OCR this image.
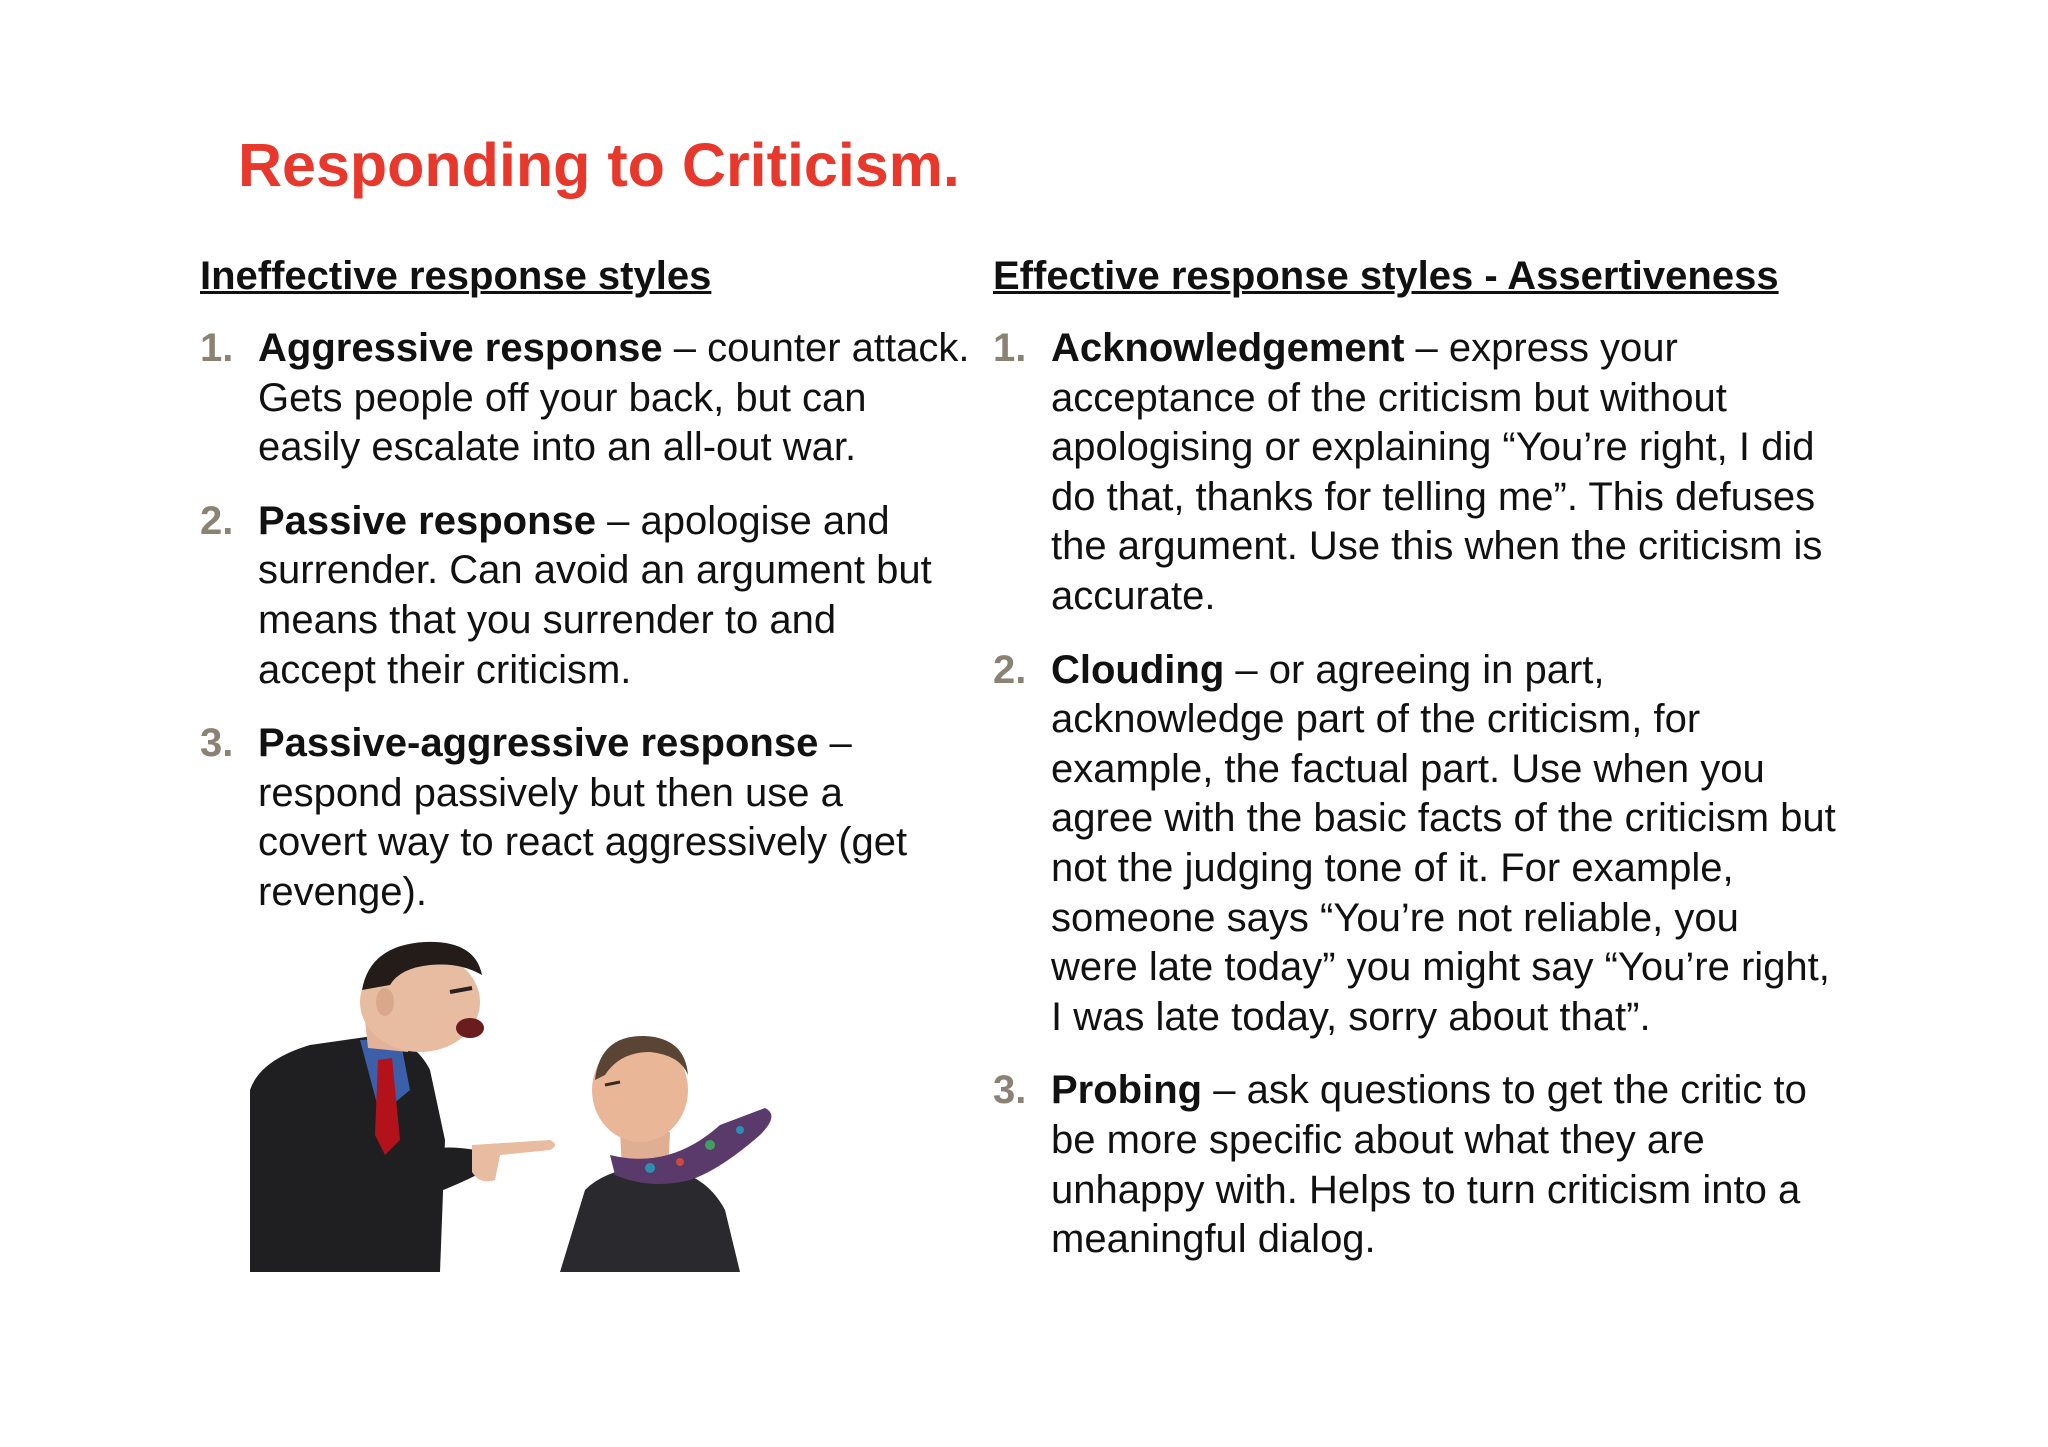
Responding to Criticism.
Ineffective response styles
1. Aggressive response – counter attack. Gets people off your back, but can easily escalate into an all-out war.
2. Passive response – apologise and surrender. Can avoid an argument but means that you surrender to and accept their criticism.
3. Passive-aggressive response – respond passively but then use a covert way to react aggressively (get revenge).
Effective response styles - Assertiveness
1. Acknowledgement – express your acceptance of the criticism but without apologising or explaining “You’re right, I did do that, thanks for telling me”. This defuses the argument. Use this when the criticism is accurate.
2. Clouding – or agreeing in part, acknowledge part of the criticism, for example, the factual part. Use when you agree with the basic facts of the criticism but not the judging tone of it. For example, someone says “You’re not reliable, you were late today” you might say “You’re right, I was late today, sorry about that”.
3. Probing – ask questions to get the critic to be more specific about what they are unhappy with. Helps to turn criticism into a meaningful dialog.
